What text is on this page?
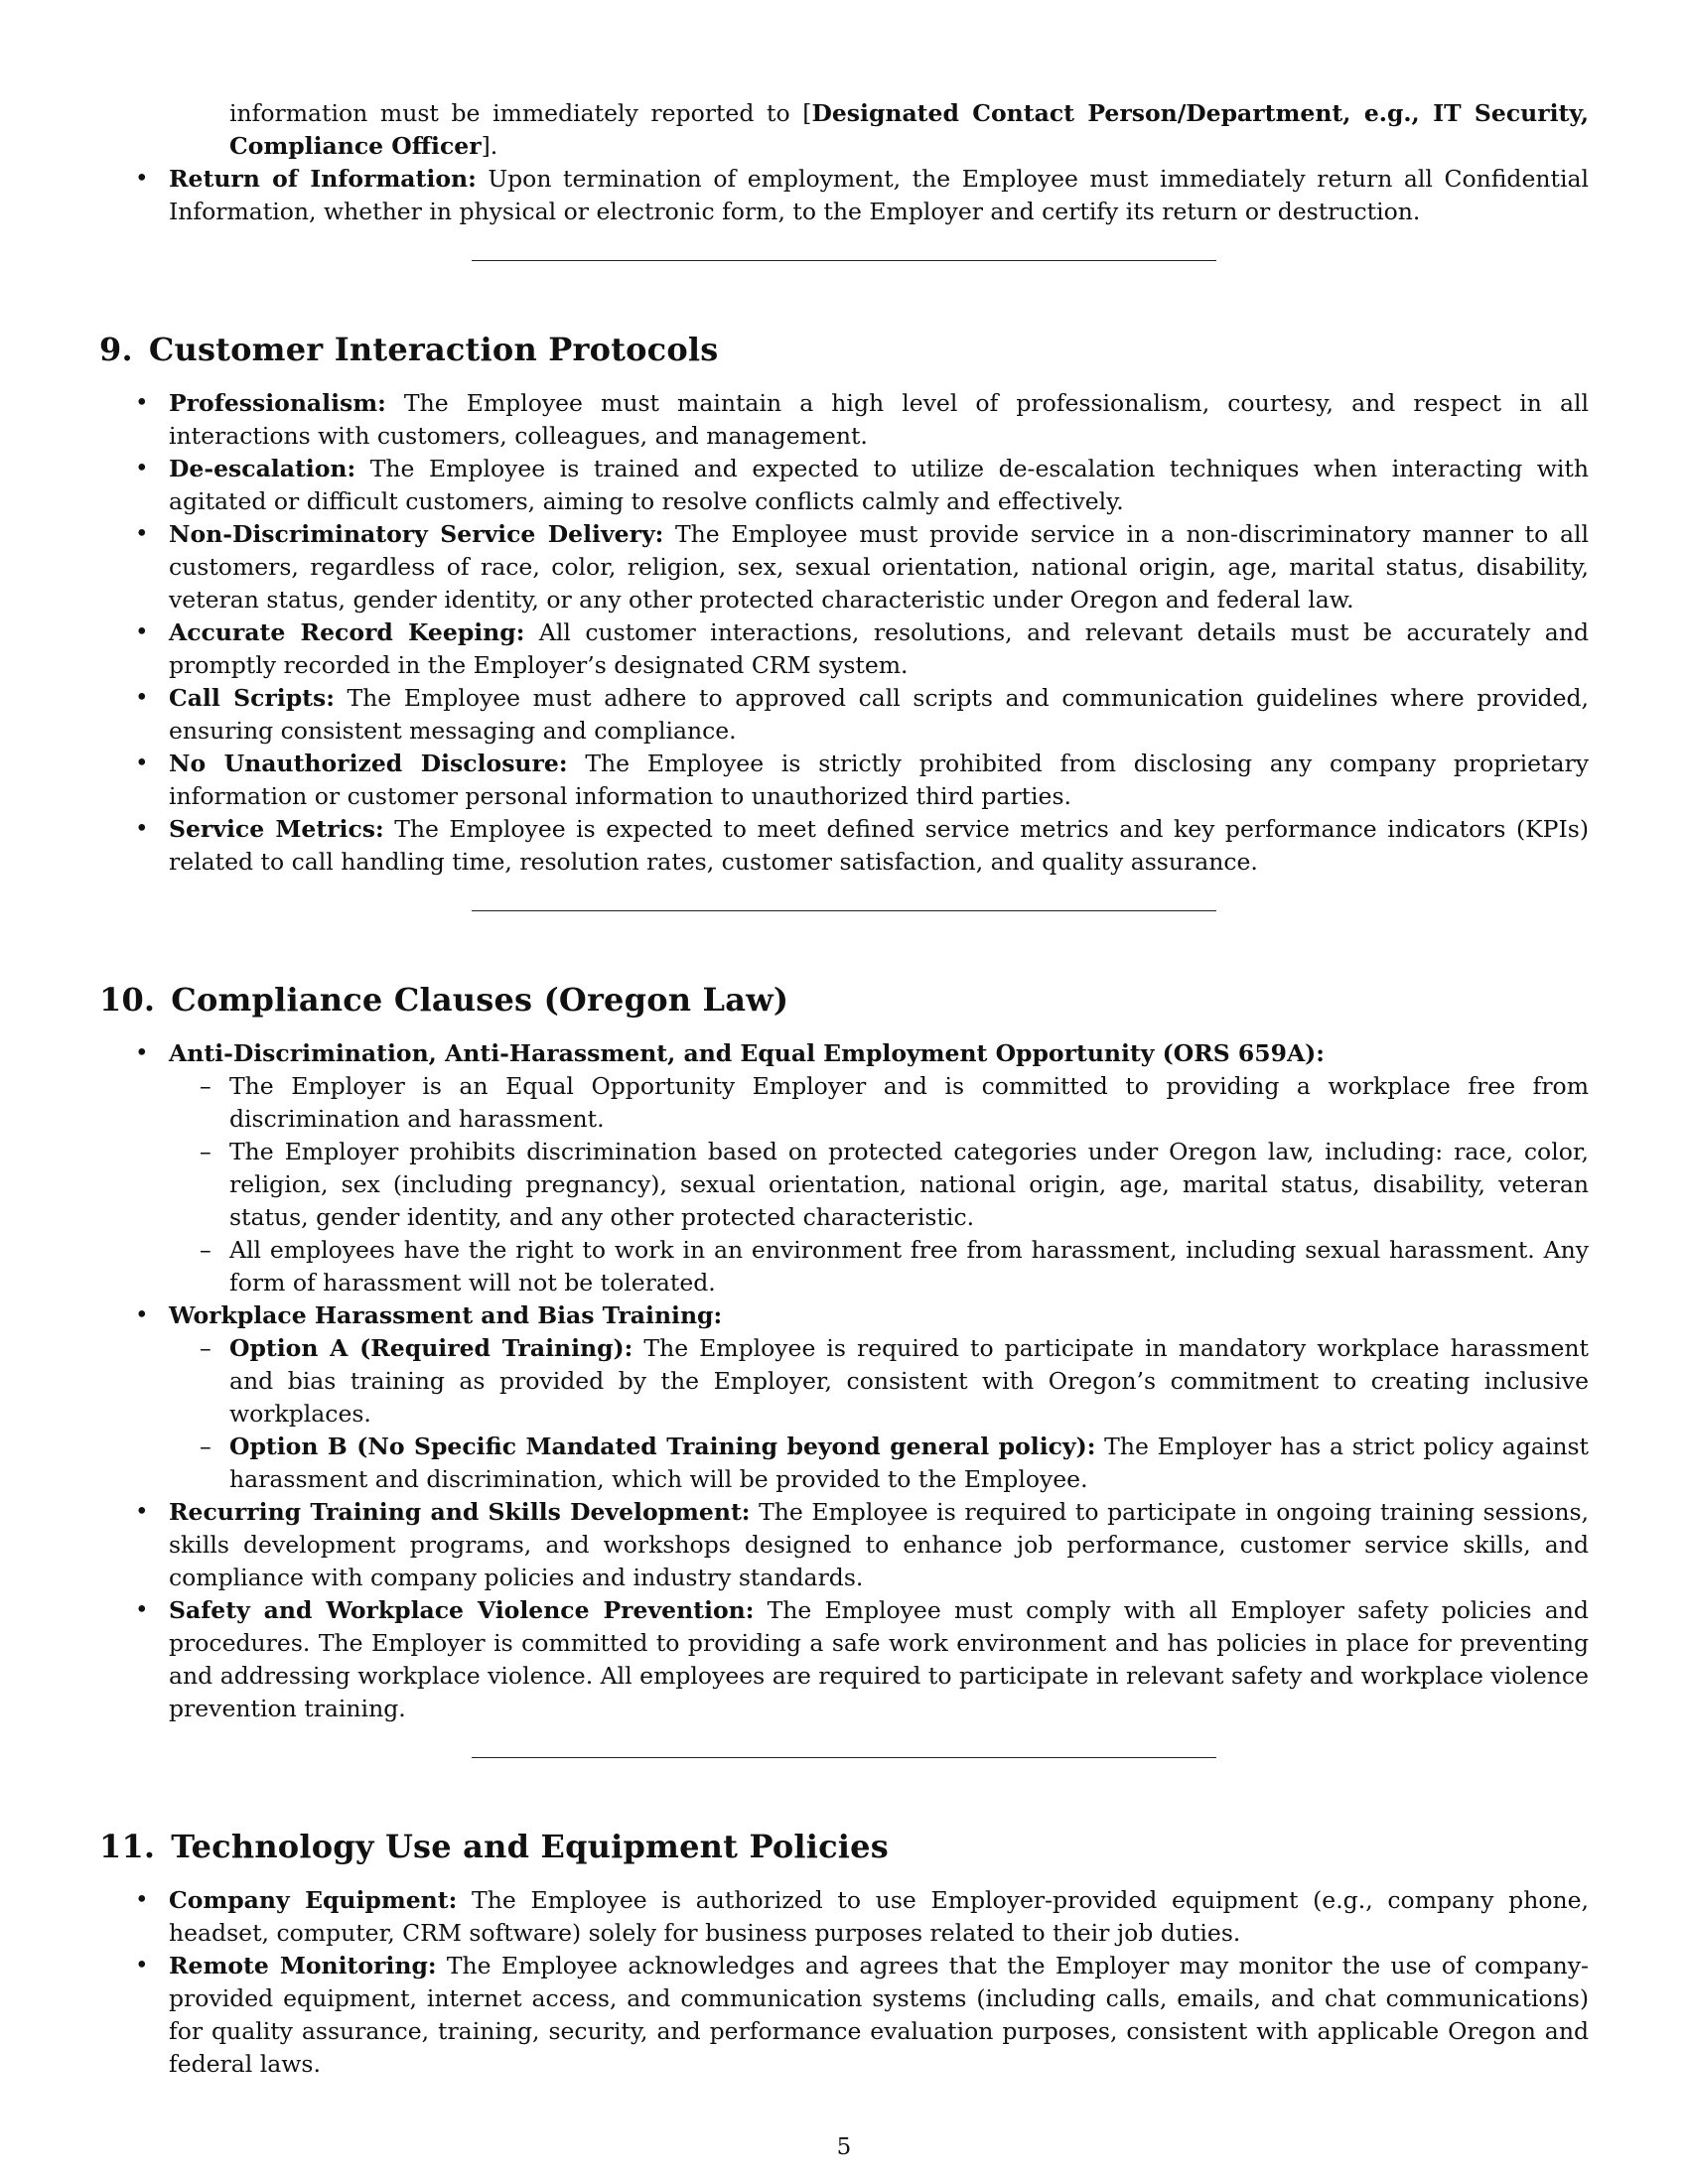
information must be immediately reported to [Designated Contact Person/Department, e.g., IT Security, Compliance Officer].
• Return of Information: Upon termination of employment, the Employee must immediately return all Confidential Information, whether in physical or electronic form, to the Employer and certify its return or destruction.
9. Customer Interaction Protocols
• Professionalism: The Employee must maintain a high level of professionalism, courtesy, and respect in all interactions with customers, colleagues, and management.
• De-escalation: The Employee is trained and expected to utilize de-escalation techniques when interacting with agitated or difficult customers, aiming to resolve conflicts calmly and effectively.
• Non-Discriminatory Service Delivery: The Employee must provide service in a non-discriminatory manner to all customers, regardless of race, color, religion, sex, sexual orientation, national origin, age, marital status, disability, veteran status, gender identity, or any other protected characteristic under Oregon and federal law.
• Accurate Record Keeping: All customer interactions, resolutions, and relevant details must be accurately and promptly recorded in the Employer’s designated CRM system.
• Call Scripts: The Employee must adhere to approved call scripts and communication guidelines where provided, ensuring consistent messaging and compliance.
• No Unauthorized Disclosure: The Employee is strictly prohibited from disclosing any company proprietary information or customer personal information to unauthorized third parties.
• Service Metrics: The Employee is expected to meet defined service metrics and key performance indicators (KPIs) related to call handling time, resolution rates, customer satisfaction, and quality assurance.
10. Compliance Clauses (Oregon Law)
• Anti-Discrimination, Anti-Harassment, and Equal Employment Opportunity (ORS 659A):
– The Employer is an Equal Opportunity Employer and is committed to providing a workplace free from discrimination and harassment.
– The Employer prohibits discrimination based on protected categories under Oregon law, including: race, color, religion, sex (including pregnancy), sexual orientation, national origin, age, marital status, disability, veteran status, gender identity, and any other protected characteristic.
– All employees have the right to work in an environment free from harassment, including sexual harassment. Any form of harassment will not be tolerated.
• Workplace Harassment and Bias Training:
– Option A (Required Training): The Employee is required to participate in mandatory workplace harassment and bias training as provided by the Employer, consistent with Oregon’s commitment to creating inclusive workplaces.
– Option B (No Specific Mandated Training beyond general policy): The Employer has a strict policy against harassment and discrimination, which will be provided to the Employee.
• Recurring Training and Skills Development: The Employee is required to participate in ongoing training sessions, skills development programs, and workshops designed to enhance job performance, customer service skills, and compliance with company policies and industry standards.
• Safety and Workplace Violence Prevention: The Employee must comply with all Employer safety policies and procedures. The Employer is committed to providing a safe work environment and has policies in place for preventing and addressing workplace violence. All employees are required to participate in relevant safety and workplace violence prevention training.
11. Technology Use and Equipment Policies
• Company Equipment: The Employee is authorized to use Employer-provided equipment (e.g., company phone, headset, computer, CRM software) solely for business purposes related to their job duties.
• Remote Monitoring: The Employee acknowledges and agrees that the Employer may monitor the use of company-provided equipment, internet access, and communication systems (including calls, emails, and chat communications) for quality assurance, training, security, and performance evaluation purposes, consistent with applicable Oregon and federal laws.
5
